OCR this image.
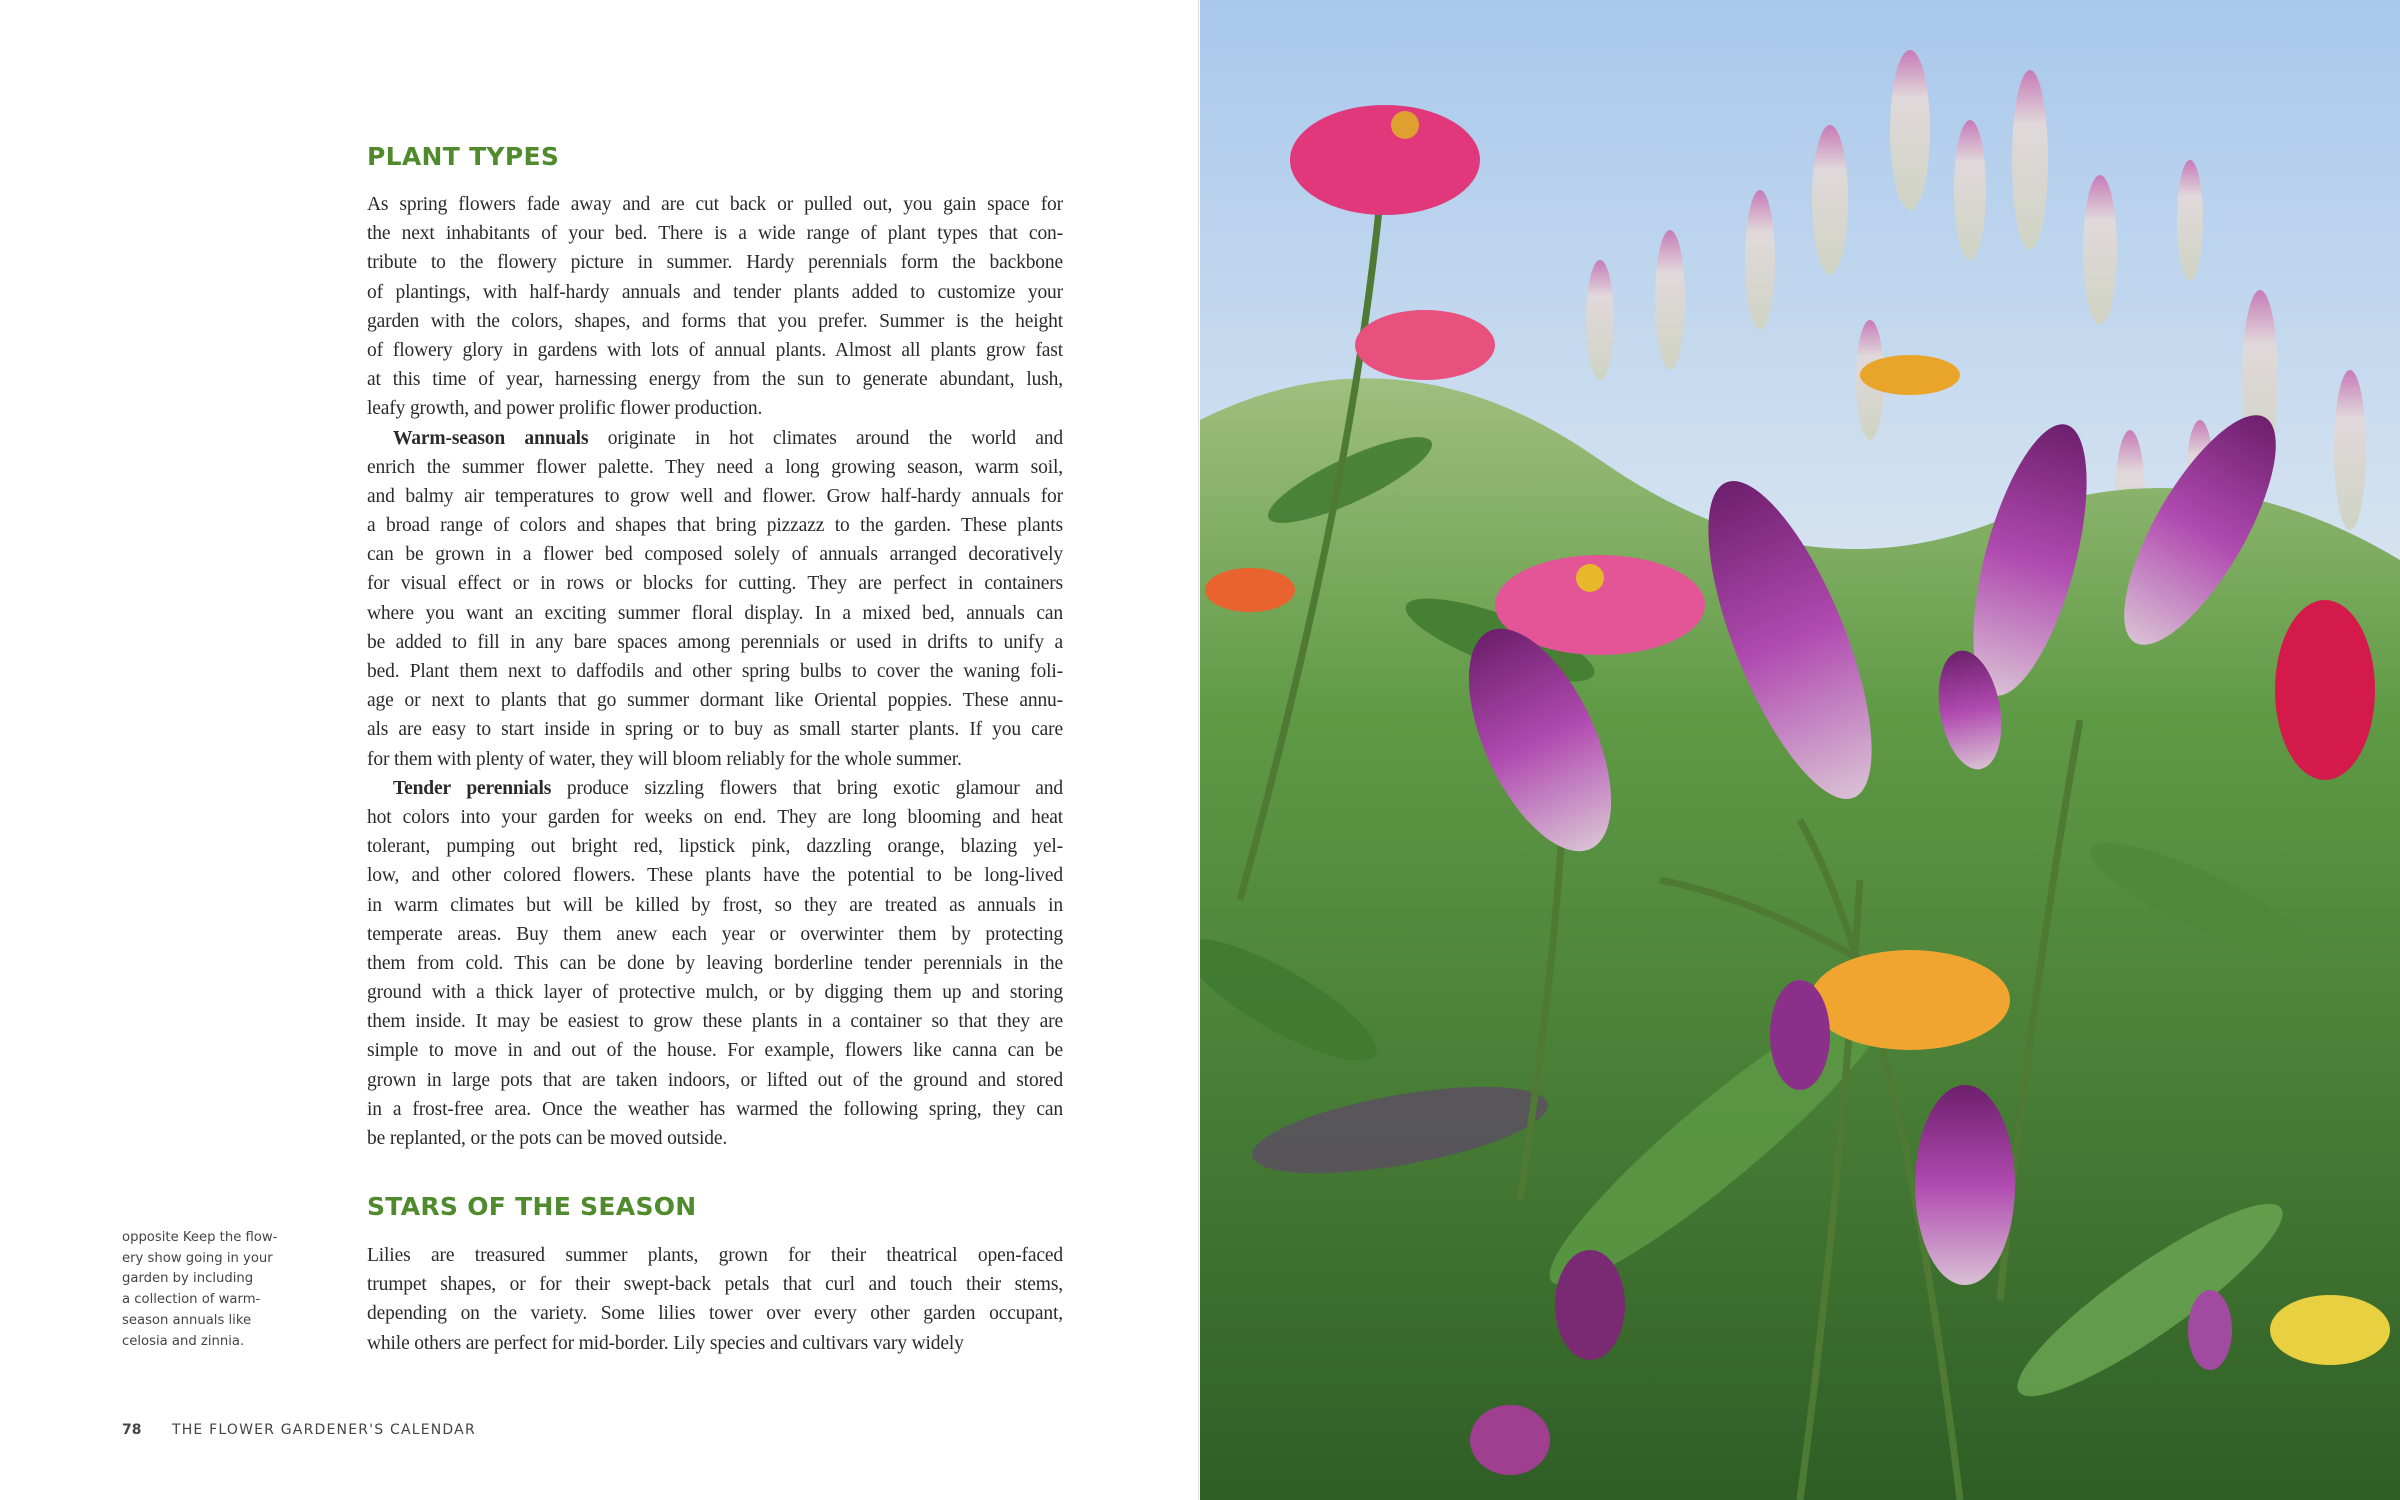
PLANT TYPES
As spring flowers fade away and are cut back or pulled out, you gain space for
the next inhabitants of your bed. There is a wide range of plant types that con-
tribute to the flowery picture in summer. Hardy perennials form the backbone
of plantings, with half-hardy annuals and tender plants added to customize your
garden with the colors, shapes, and forms that you prefer. Summer is the height
of flowery glory in gardens with lots of annual plants. Almost all plants grow fast
at this time of year, harnessing energy from the sun to generate abundant, lush,
leafy growth, and power prolific flower production.
Warm-season annuals originate in hot climates around the world and
enrich the summer flower palette. They need a long growing season, warm soil,
and balmy air temperatures to grow well and flower. Grow half-hardy annuals for
a broad range of colors and shapes that bring pizzazz to the garden. These plants
can be grown in a flower bed composed solely of annuals arranged decoratively
for visual effect or in rows or blocks for cutting. They are perfect in containers
where you want an exciting summer floral display. In a mixed bed, annuals can
be added to fill in any bare spaces among perennials or used in drifts to unify a
bed. Plant them next to daffodils and other spring bulbs to cover the waning foli-
age or next to plants that go summer dormant like Oriental poppies. These annu-
als are easy to start inside in spring or to buy as small starter plants. If you care
for them with plenty of water, they will bloom reliably for the whole summer.
Tender perennials produce sizzling flowers that bring exotic glamour and
hot colors into your garden for weeks on end. They are long blooming and heat
tolerant, pumping out bright red, lipstick pink, dazzling orange, blazing yel-
low, and other colored flowers. These plants have the potential to be long-lived
in warm climates but will be killed by frost, so they are treated as annuals in
temperate areas. Buy them anew each year or overwinter them by protecting
them from cold. This can be done by leaving borderline tender perennials in the
ground with a thick layer of protective mulch, or by digging them up and storing
them inside. It may be easiest to grow these plants in a container so that they are
simple to move in and out of the house. For example, flowers like canna can be
grown in large pots that are taken indoors, or lifted out of the ground and stored
in a frost-free area. Once the weather has warmed the following spring, they can
be replanted, or the pots can be moved outside.
STARS OF THE SEASON
Lilies are treasured summer plants, grown for their theatrical open-faced
trumpet shapes, or for their swept-back petals that curl and touch their stems,
depending on the variety. Some lilies tower over every other garden occupant,
while others are perfect for mid-border. Lily species and cultivars vary widely
opposite Keep the flow-
ery show going in your
garden by including
a collection of warm-
season annuals like
celosia and zinnia.
78 THE FLOWER GARDENER'S CALENDAR
